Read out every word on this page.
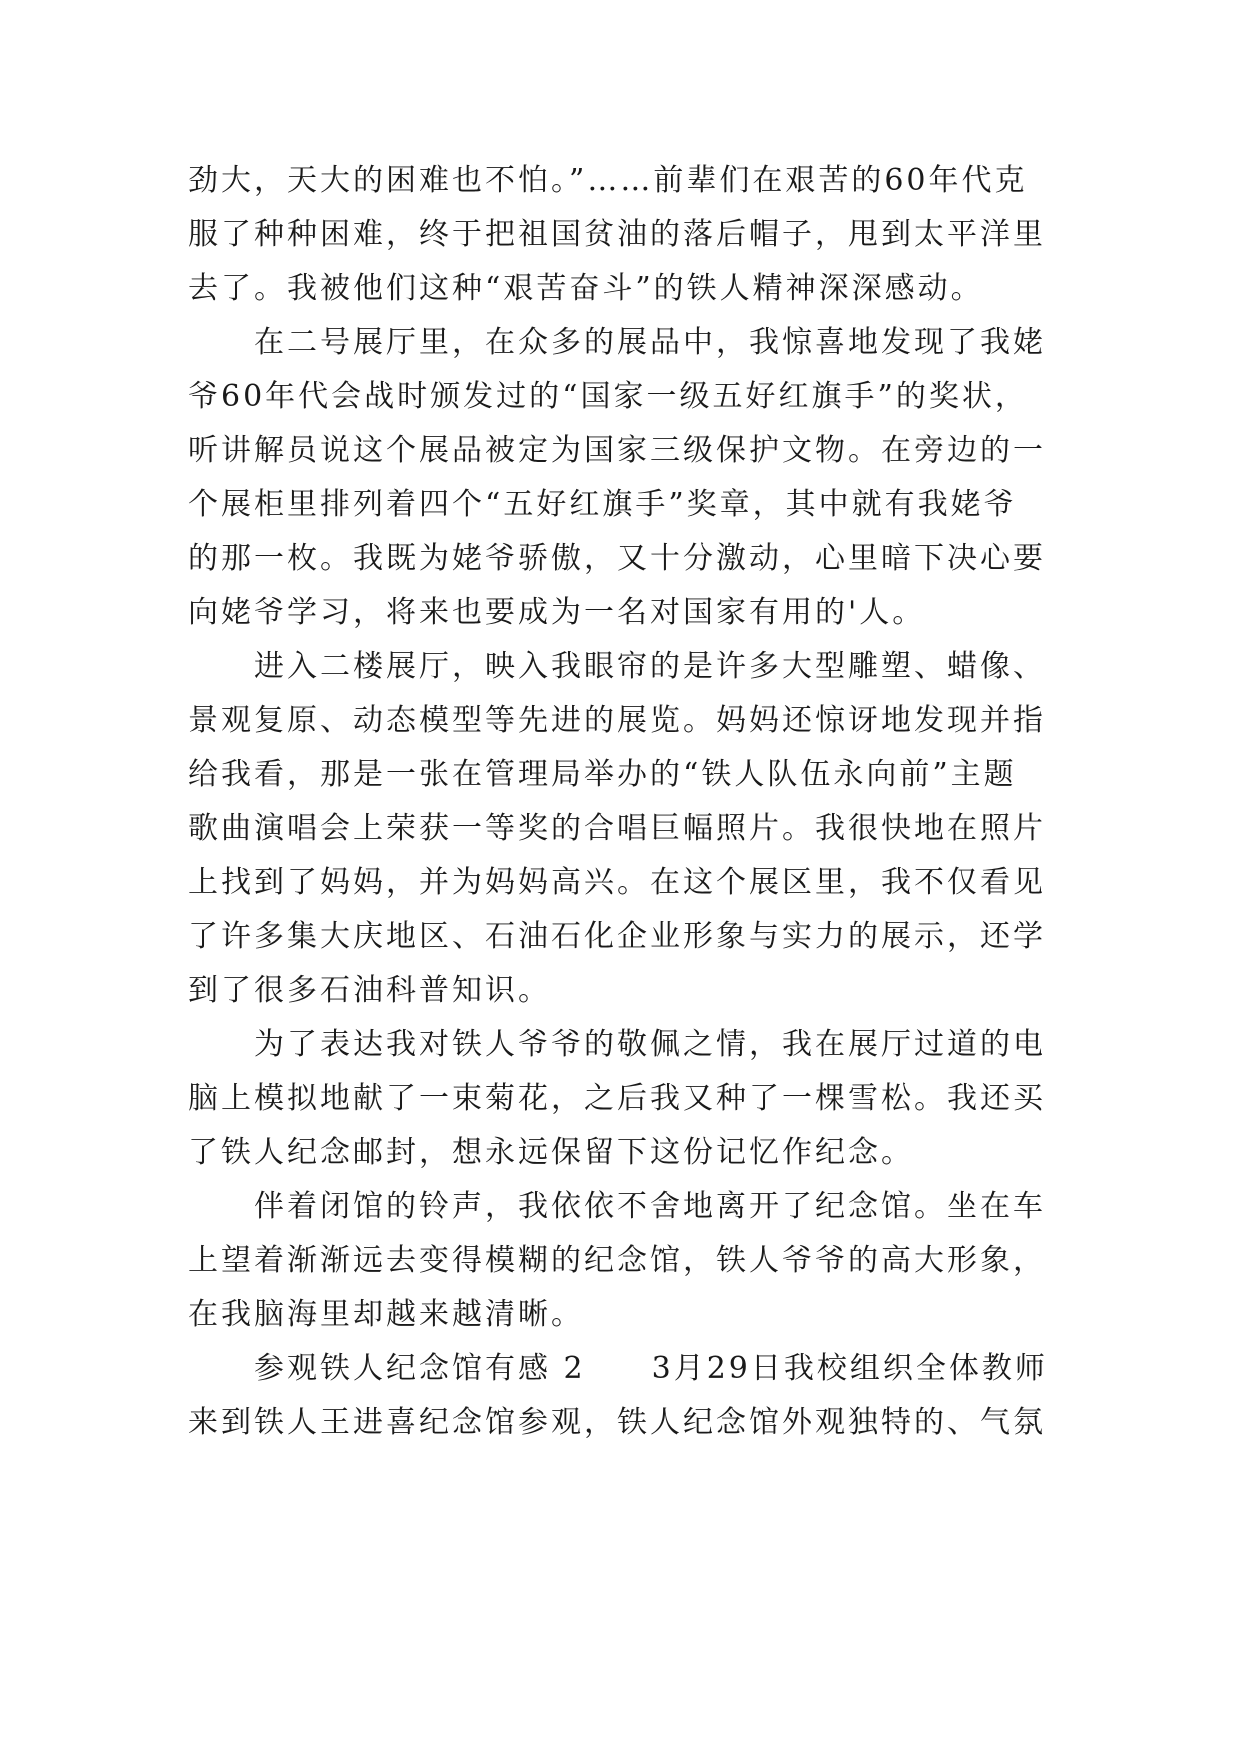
劲大，天大的困难也不怕。”……前辈们在艰苦的60年代克
服了种种困难，终于把祖国贫油的落后帽子，甩到太平洋里
去了。我被他们这种“艰苦奋斗”的铁人精神深深感动。
在二号展厅里，在众多的展品中，我惊喜地发现了我姥
爷60年代会战时颁发过的“国家一级五好红旗手”的奖状，
听讲解员说这个展品被定为国家三级保护文物。在旁边的一
个展柜里排列着四个“五好红旗手”奖章，其中就有我姥爷
的那一枚。我既为姥爷骄傲，又十分激动，心里暗下决心要
向姥爷学习，将来也要成为一名对国家有用的'人。
进入二楼展厅，映入我眼帘的是许多大型雕塑、蜡像、
景观复原、动态模型等先进的展览。妈妈还惊讶地发现并指
给我看，那是一张在管理局举办的“铁人队伍永向前”主题
歌曲演唱会上荣获一等奖的合唱巨幅照片。我很快地在照片
上找到了妈妈，并为妈妈高兴。在这个展区里，我不仅看见
了许多集大庆地区、石油石化企业形象与实力的展示，还学
到了很多石油科普知识。
为了表达我对铁人爷爷的敬佩之情，我在展厅过道的电
脑上模拟地献了一束菊花，之后我又种了一棵雪松。我还买
了铁人纪念邮封，想永远保留下这份记忆作纪念。
伴着闭馆的铃声，我依依不舍地离开了纪念馆。坐在车
上望着渐渐远去变得模糊的纪念馆，铁人爷爷的高大形象，
在我脑海里却越来越清晰。
参观铁人纪念馆有感 2　　3月29日我校组织全体教师
来到铁人王进喜纪念馆参观，铁人纪念馆外观独特的、气氛
